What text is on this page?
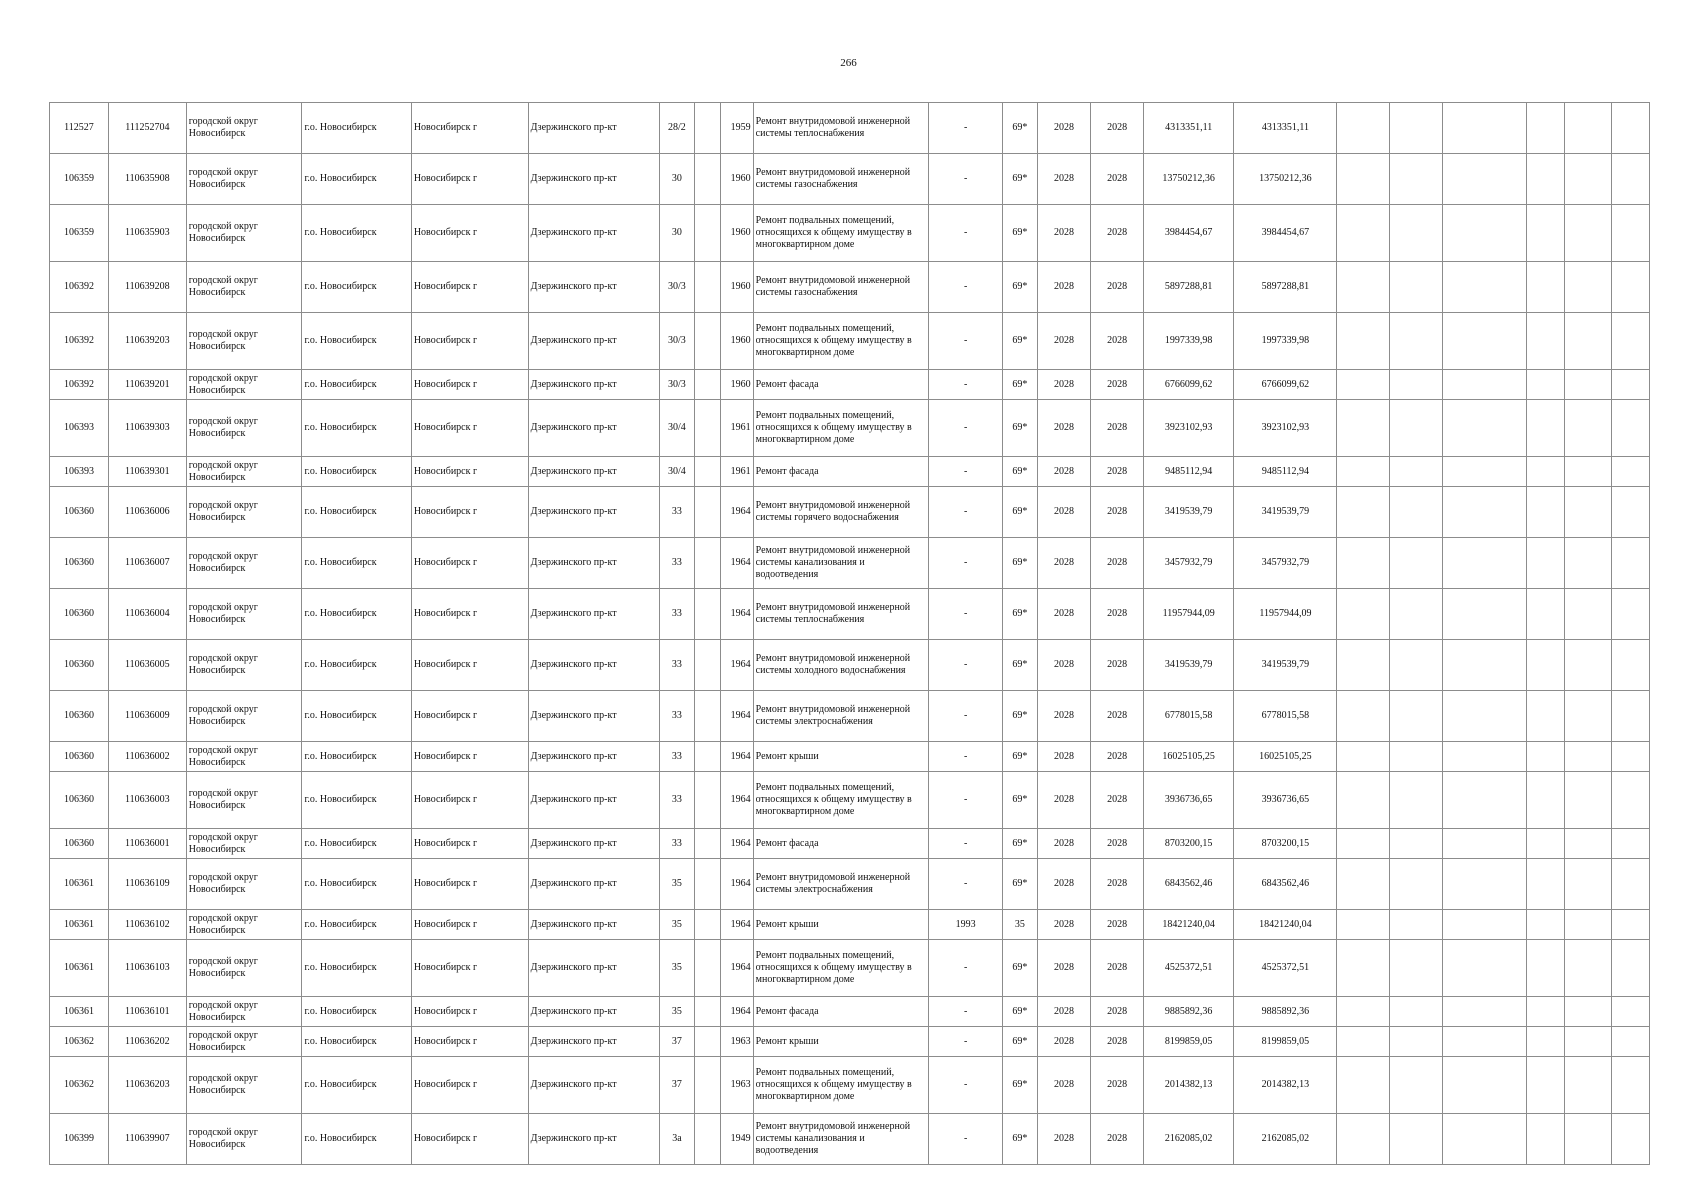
266
112527	111252704	городской округ Новосибирск	г.о. Новосибирск	Новосибирск г	Дзержинского пр-кт	28/2		1959	Ремонт внутридомовой инженерной системы теплоснабжения	-	69*	2028	2028	4313351,11	4313351,11						
106359	110635908	городской округ Новосибирск	г.о. Новосибирск	Новосибирск г	Дзержинского пр-кт	30		1960	Ремонт внутридомовой инженерной системы газоснабжения	-	69*	2028	2028	13750212,36	13750212,36						
106359	110635903	городской округ Новосибирск	г.о. Новосибирск	Новосибирск г	Дзержинского пр-кт	30		1960	Ремонт подвальных помещений, относящихся к общему имуществу в многоквартирном доме	-	69*	2028	2028	3984454,67	3984454,67						
106392	110639208	городской округ Новосибирск	г.о. Новосибирск	Новосибирск г	Дзержинского пр-кт	30/3		1960	Ремонт внутридомовой инженерной системы газоснабжения	-	69*	2028	2028	5897288,81	5897288,81						
106392	110639203	городской округ Новосибирск	г.о. Новосибирск	Новосибирск г	Дзержинского пр-кт	30/3		1960	Ремонт подвальных помещений, относящихся к общему имуществу в многоквартирном доме	-	69*	2028	2028	1997339,98	1997339,98						
106392	110639201	городской округ Новосибирск	г.о. Новосибирск	Новосибирск г	Дзержинского пр-кт	30/3		1960	Ремонт фасада	-	69*	2028	2028	6766099,62	6766099,62						
106393	110639303	городской округ Новосибирск	г.о. Новосибирск	Новосибирск г	Дзержинского пр-кт	30/4		1961	Ремонт подвальных помещений, относящихся к общему имуществу в многоквартирном доме	-	69*	2028	2028	3923102,93	3923102,93						
106393	110639301	городской округ Новосибирск	г.о. Новосибирск	Новосибирск г	Дзержинского пр-кт	30/4		1961	Ремонт фасада	-	69*	2028	2028	9485112,94	9485112,94						
106360	110636006	городской округ Новосибирск	г.о. Новосибирск	Новосибирск г	Дзержинского пр-кт	33		1964	Ремонт внутридомовой инженерной системы горячего водоснабжения	-	69*	2028	2028	3419539,79	3419539,79						
106360	110636007	городской округ Новосибирск	г.о. Новосибирск	Новосибирск г	Дзержинского пр-кт	33		1964	Ремонт внутридомовой инженерной системы канализования и водоотведения	-	69*	2028	2028	3457932,79	3457932,79						
106360	110636004	городской округ Новосибирск	г.о. Новосибирск	Новосибирск г	Дзержинского пр-кт	33		1964	Ремонт внутридомовой инженерной системы теплоснабжения	-	69*	2028	2028	11957944,09	11957944,09						
106360	110636005	городской округ Новосибирск	г.о. Новосибирск	Новосибирск г	Дзержинского пр-кт	33		1964	Ремонт внутридомовой инженерной системы холодного водоснабжения	-	69*	2028	2028	3419539,79	3419539,79						
106360	110636009	городской округ Новосибирск	г.о. Новосибирск	Новосибирск г	Дзержинского пр-кт	33		1964	Ремонт внутридомовой инженерной системы электроснабжения	-	69*	2028	2028	6778015,58	6778015,58						
106360	110636002	городской округ Новосибирск	г.о. Новосибирск	Новосибирск г	Дзержинского пр-кт	33		1964	Ремонт крыши	-	69*	2028	2028	16025105,25	16025105,25						
106360	110636003	городской округ Новосибирск	г.о. Новосибирск	Новосибирск г	Дзержинского пр-кт	33		1964	Ремонт подвальных помещений, относящихся к общему имуществу в многоквартирном доме	-	69*	2028	2028	3936736,65	3936736,65						
106360	110636001	городской округ Новосибирск	г.о. Новосибирск	Новосибирск г	Дзержинского пр-кт	33		1964	Ремонт фасада	-	69*	2028	2028	8703200,15	8703200,15						
106361	110636109	городской округ Новосибирск	г.о. Новосибирск	Новосибирск г	Дзержинского пр-кт	35		1964	Ремонт внутридомовой инженерной системы электроснабжения	-	69*	2028	2028	6843562,46	6843562,46						
106361	110636102	городской округ Новосибирск	г.о. Новосибирск	Новосибирск г	Дзержинского пр-кт	35		1964	Ремонт крыши	1993	35	2028	2028	18421240,04	18421240,04						
106361	110636103	городской округ Новосибирск	г.о. Новосибирск	Новосибирск г	Дзержинского пр-кт	35		1964	Ремонт подвальных помещений, относящихся к общему имуществу в многоквартирном доме	-	69*	2028	2028	4525372,51	4525372,51						
106361	110636101	городской округ Новосибирск	г.о. Новосибирск	Новосибирск г	Дзержинского пр-кт	35		1964	Ремонт фасада	-	69*	2028	2028	9885892,36	9885892,36						
106362	110636202	городской округ Новосибирск	г.о. Новосибирск	Новосибирск г	Дзержинского пр-кт	37		1963	Ремонт крыши	-	69*	2028	2028	8199859,05	8199859,05						
106362	110636203	городской округ Новосибирск	г.о. Новосибирск	Новосибирск г	Дзержинского пр-кт	37		1963	Ремонт подвальных помещений, относящихся к общему имуществу в многоквартирном доме	-	69*	2028	2028	2014382,13	2014382,13						
106399	110639907	городской округ Новосибирск	г.о. Новосибирск	Новосибирск г	Дзержинского пр-кт	3а		1949	Ремонт внутридомовой инженерной системы канализования и водоотведения	-	69*	2028	2028	2162085,02	2162085,02						
